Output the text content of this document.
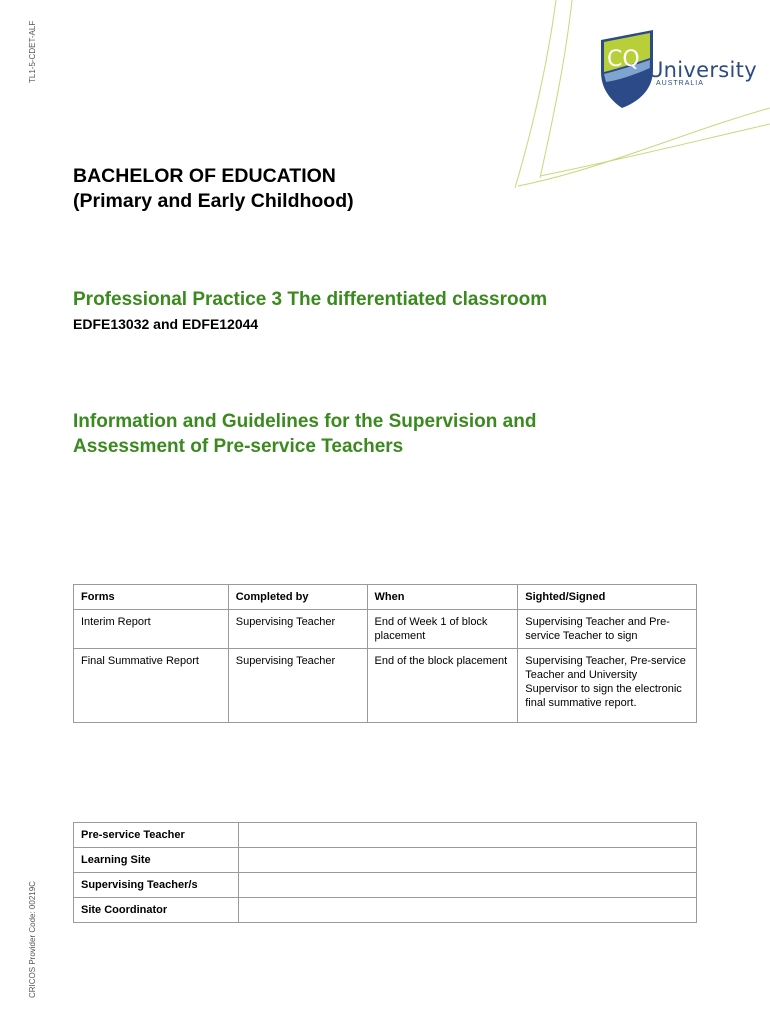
TL1-5-CDET-ALF
CRICOS Provider Code: 00219C
CQ University
AUSTRALIA
BACHELOR OF EDUCATION
(Primary and Early Childhood)
Professional Practice 3 The differentiated classroom
EDFE13032 and EDFE12044
Information and Guidelines for the Supervision and
Assessment of Pre-service Teachers
Forms	Completed by	When	Sighted/Signed
Interim Report	Supervising Teacher	End of Week 1 of block placement	Supervising Teacher and Pre-service Teacher to sign
Final Summative Report	Supervising Teacher	End of the block placement	Supervising Teacher, Pre-service Teacher and University Supervisor to sign the electronic final summative report.
Pre-service Teacher	
Learning Site	
Supervising Teacher/s	
Site Coordinator	
